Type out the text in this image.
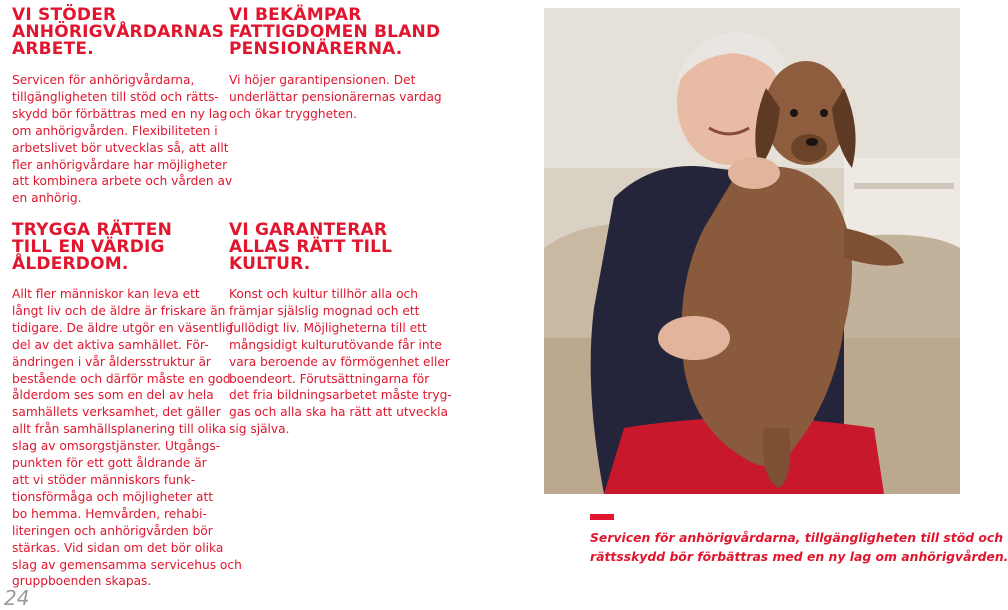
VI STÖDER
ANHÖRIGVÅRDARNAS
ARBETE.

Servicen för anhörigvårdarna,
tillgängligheten till stöd och rätts-
skydd bör förbättras med en ny lag
om anhörigvården. Flexibiliteten i
arbetslivet bör utvecklas så, att allt
fler anhörigvårdare har möjligheter
att kombinera arbete och vården av
en anhörig.

TRYGGA RÄTTEN
TILL EN VÄRDIG
ÅLDERDOM.

Allt fler människor kan leva ett
långt liv och de äldre är friskare än
tidigare. De äldre utgör en väsentlig
del av det aktiva samhället. För-
ändringen i vår åldersstruktur är
bestående och därför måste en god
ålderdom ses som en del av hela
samhällets verksamhet, det gäller
allt från samhällsplanering till olika
slag av omsorgstjänster. Utgångs-
punkten för ett gott åldrande är
att vi stöder människors funk-
tionsförmåga och möjligheter att
bo hemma. Hemvården, rehabi-
literingen och anhörigvården bör
stärkas. Vid sidan om det bör olika
slag av gemensamma servicehus och
gruppboenden skapas.

VI BEKÄMPAR
FATTIGDOMEN BLAND
PENSIONÄRERNA.

Vi höjer garantipensionen. Det
underlättar pensionärernas vardag
och ökar tryggheten.

VI GARANTERAR
ALLAS RÄTT TILL
KULTUR.

Konst och kultur tillhör alla och
främjar själslig mognad och ett
fullödigt liv. Möjligheterna till ett
mångsidigt kulturutövande får inte
vara beroende av förmögenhet eller
boendeort. Förutsättningarna för
det fria bildningsarbetet måste tryg-
gas och alla ska ha rätt att utveckla
sig själva.

Servicen för anhörigvårdarna, tillgängligheten till stöd och
rättsskydd bör förbättras med en ny lag om anhörigvården.
24
